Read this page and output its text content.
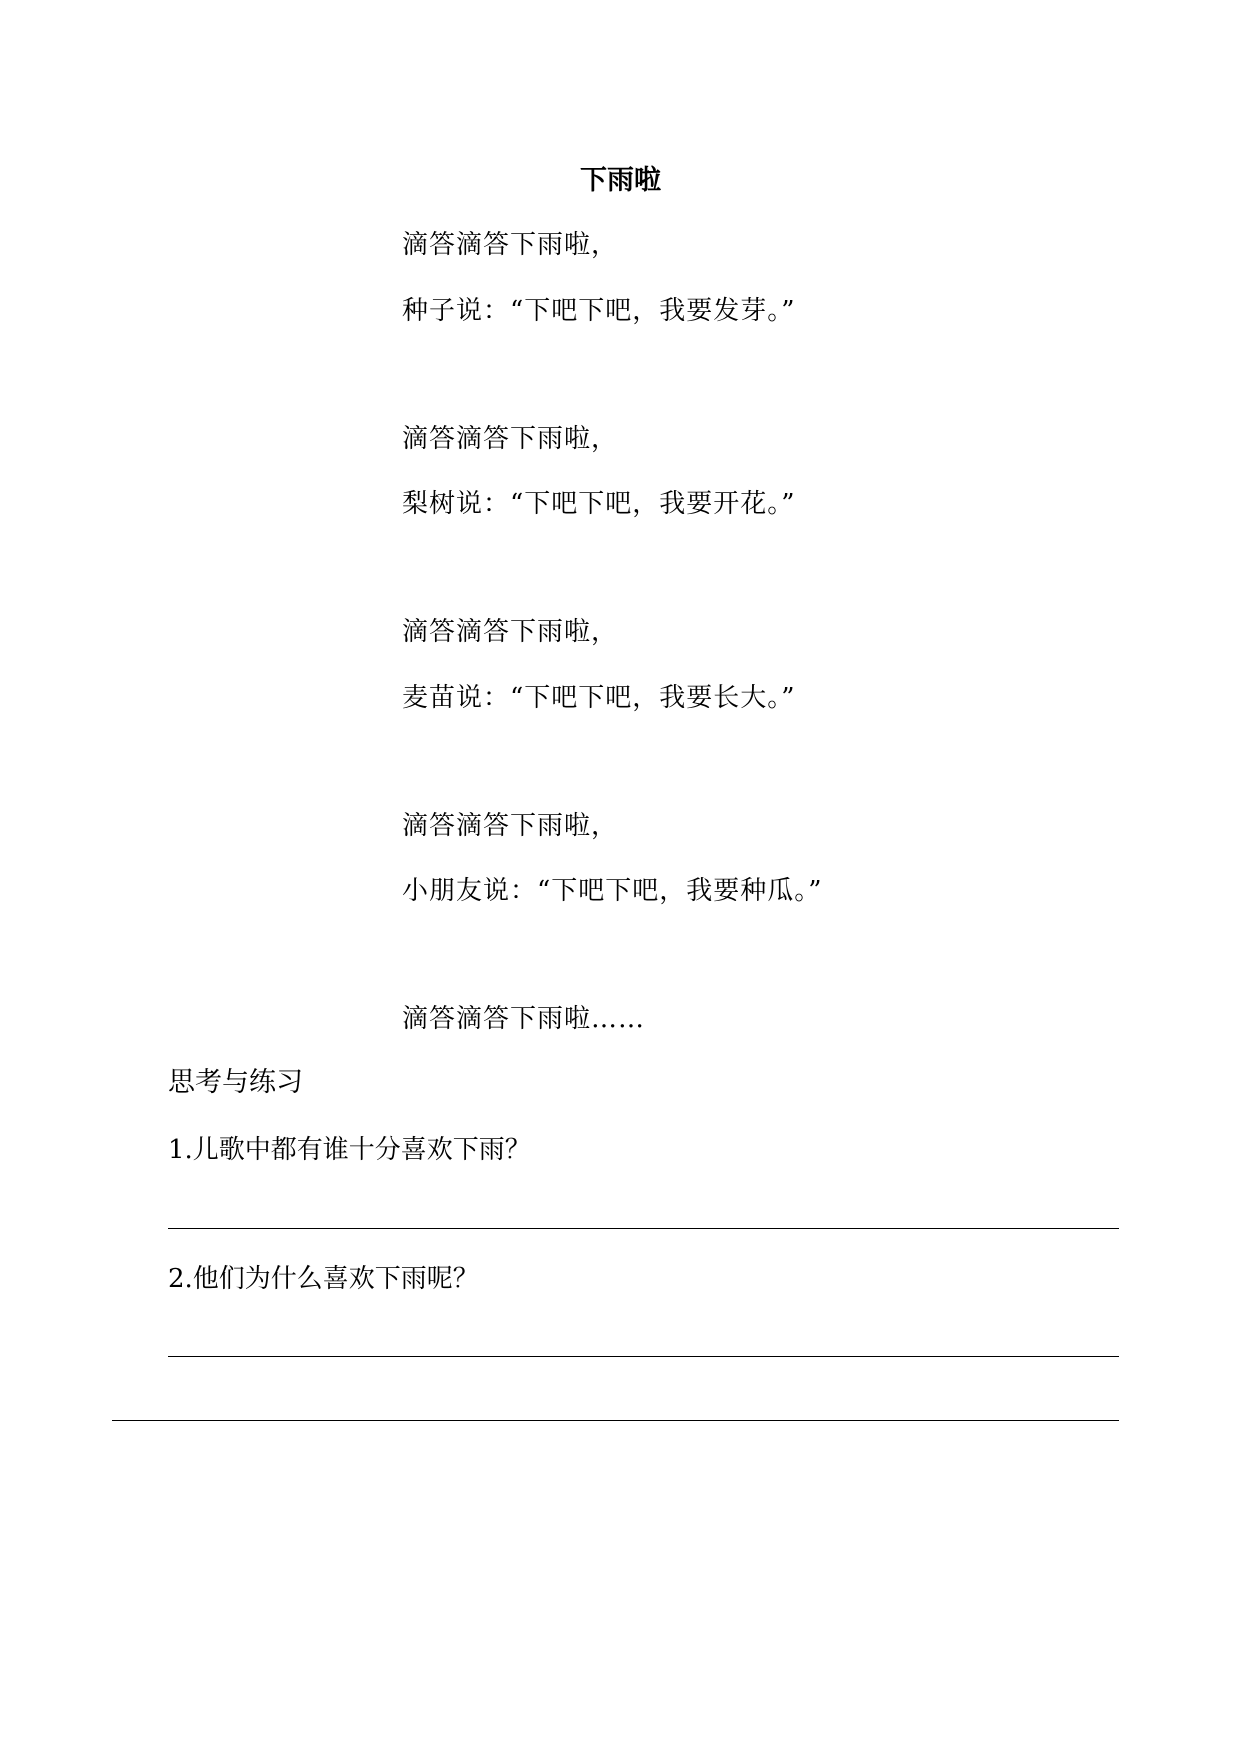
下雨啦
滴答滴答下雨啦，
种子说：“下吧下吧，我要发芽。”
滴答滴答下雨啦，
梨树说：“下吧下吧，我要开花。”
滴答滴答下雨啦，
麦苗说：“下吧下吧，我要长大。”
滴答滴答下雨啦，
小朋友说：“下吧下吧，我要种瓜。”
滴答滴答下雨啦……
思考与练习
1.儿歌中都有谁十分喜欢下雨？
2.他们为什么喜欢下雨呢？
